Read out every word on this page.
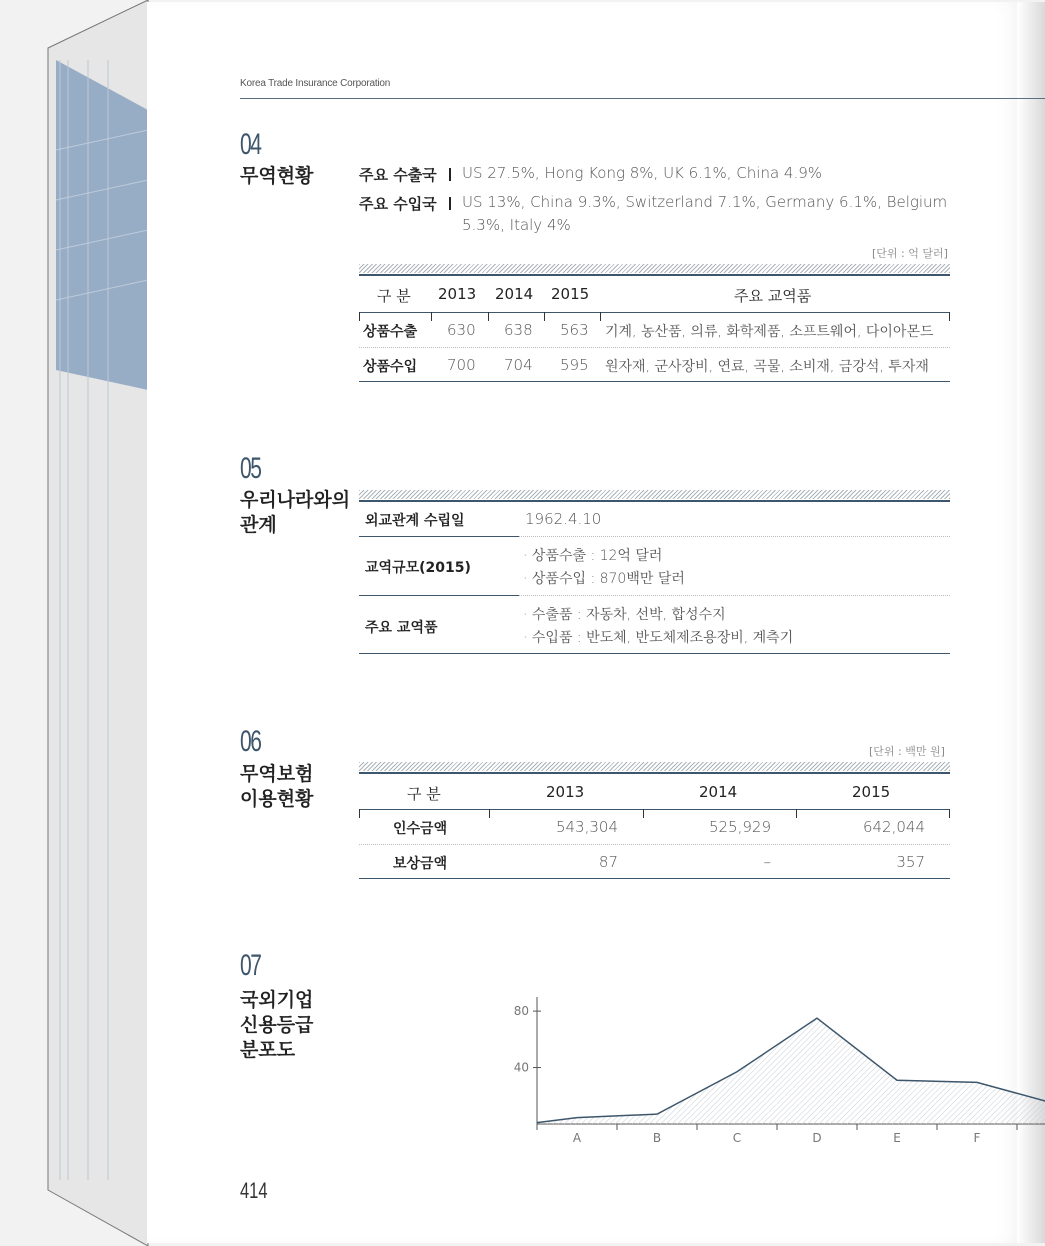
Korea Trade Insurance Corporation
04
무역현황	주요 수출국 US 27.5%, Hong Kong 8%, UK 6.1%, China 4.9%
주요 수입국 US 13%, China 9.3%, Switzerland 7.1%, Germany 6.1%, Belgium
5.3%, Italy 4%
[단위 : 억 달러]
구 분 2013 2014 2015	주요 교역품
상품수출 630 638 563 기계, 농산품, 의류, 화학제품, 소프트웨어, 다이아몬드
상품수입 700 704 595 원자재, 군사장비, 연료, 곡물, 소비재, 금강석, 투자재
05
우리나라와의
관계	외교관계 수립일	1962.4.10
교역규모(2015)
· 상품수출 : 12억 달러
· 상품수입 : 870백만 달러
주요 교역품
· 수출품 : 자동차, 선박, 합성수지
· 수입품 : 반도체, 반도체제조용장비, 계측기
06
무역보험
이용현황
[단위 : 백만 원]
구 분	2013	2014	2015
인수금액	543,304	525,929	642,044
보상금액	87	–	357
07
국외기업
신용등급
분포도
40
80
A	B	C	D	E	F
414
